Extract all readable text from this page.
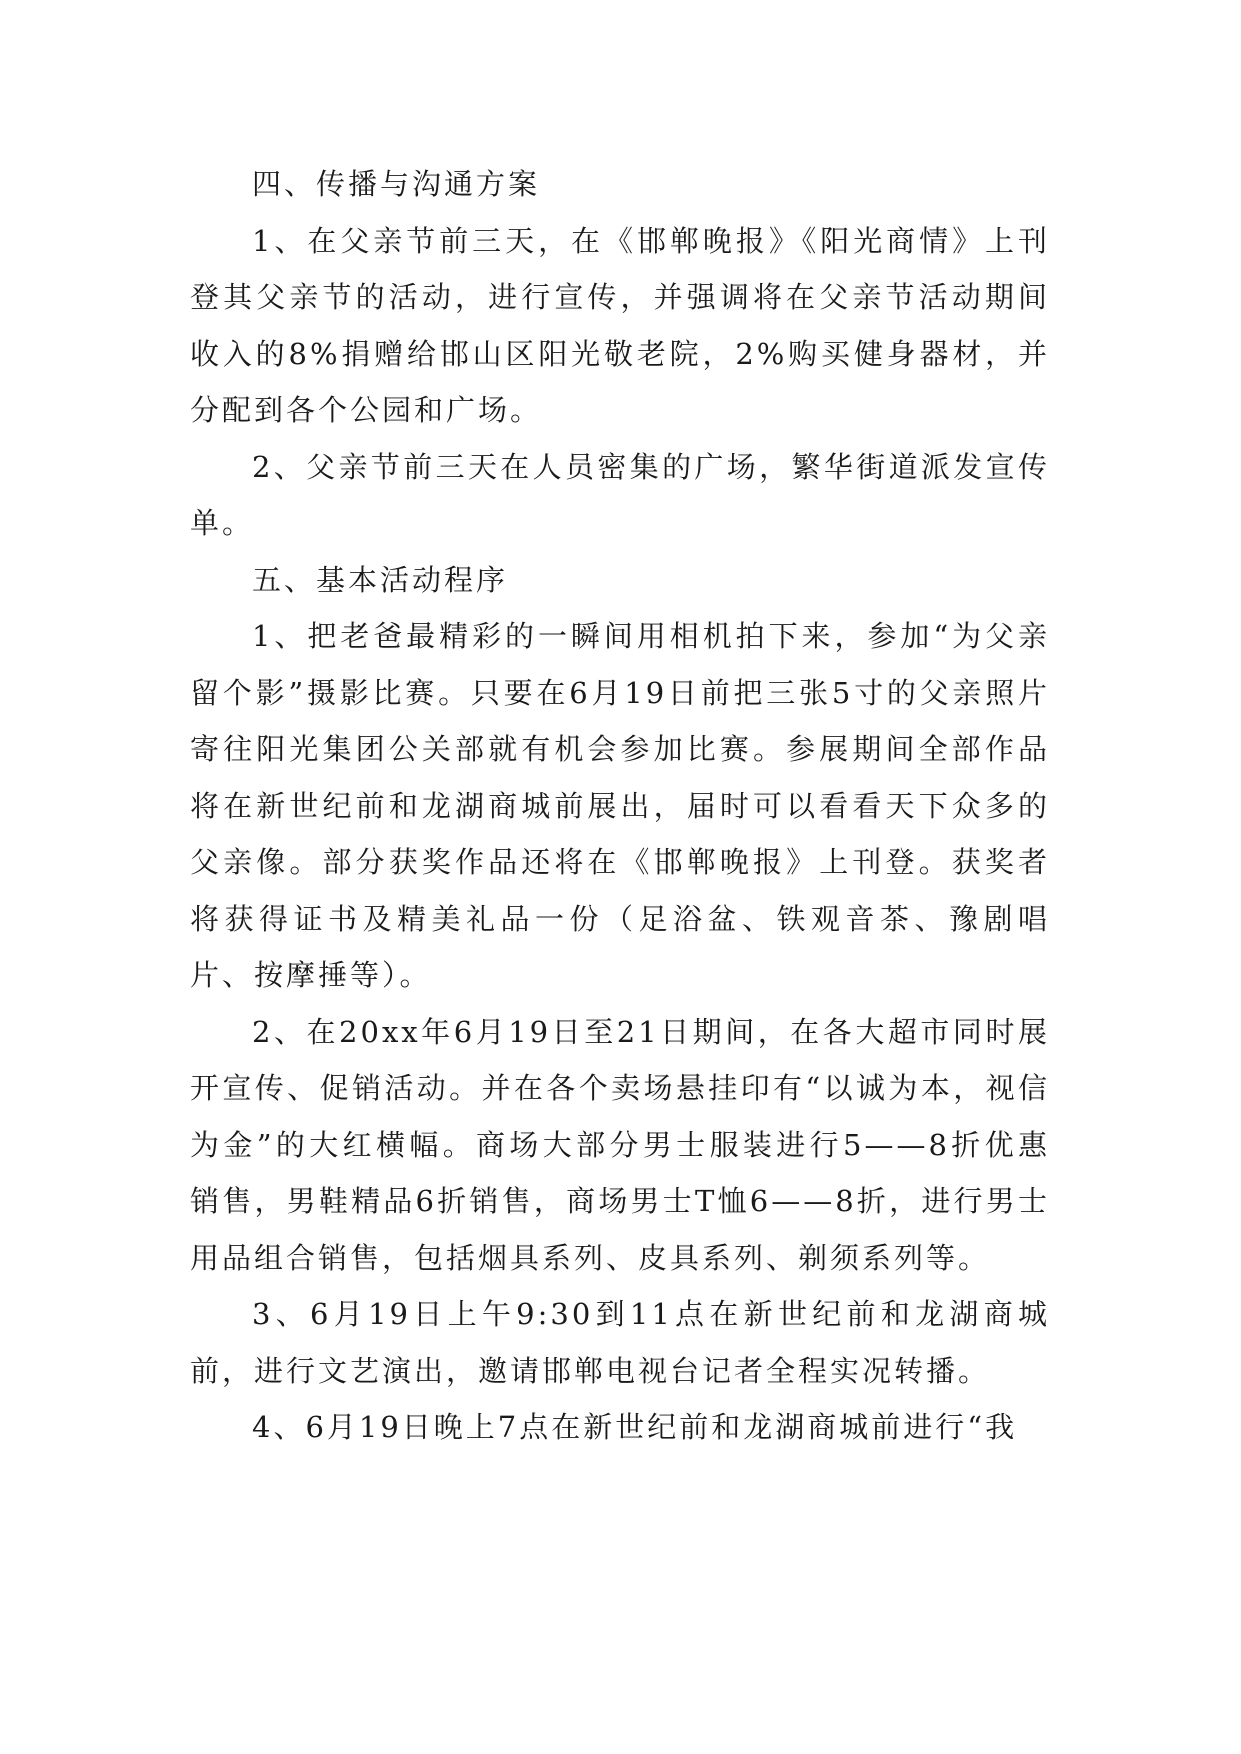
四、传播与沟通方案

1、在父亲节前三天，在《邯郸晚报》《阳光商情》上刊登其父亲节的活动，进行宣传，并强调将在父亲节活动期间收入的8%捐赠给邯山区阳光敬老院，2%购买健身器材，并分配到各个公园和广场。

2、父亲节前三天在人员密集的广场，繁华街道派发宣传单。

五、基本活动程序

1、把老爸最精彩的一瞬间用相机拍下来，参加“为父亲留个影”摄影比赛。只要在6月19日前把三张5寸的父亲照片寄往阳光集团公关部就有机会参加比赛。参展期间全部作品将在新世纪前和龙湖商城前展出，届时可以看看天下众多的父亲像。部分获奖作品还将在《邯郸晚报》上刊登。获奖者将获得证书及精美礼品一份（足浴盆、铁观音茶、豫剧唱片、按摩捶等）。

2、在20xx年6月19日至21日期间，在各大超市同时展开宣传、促销活动。并在各个卖场悬挂印有“以诚为本，视信为金”的大红横幅。商场大部分男士服装进行5——8折优惠销售，男鞋精品6折销售，商场男士T恤6——8折，进行男士用品组合销售，包括烟具系列、皮具系列、剃须系列等。

3、6月19日上午9:30到11点在新世纪前和龙湖商城前，进行文艺演出，邀请邯郸电视台记者全程实况转播。

4、6月19日晚上7点在新世纪前和龙湖商城前进行“我
